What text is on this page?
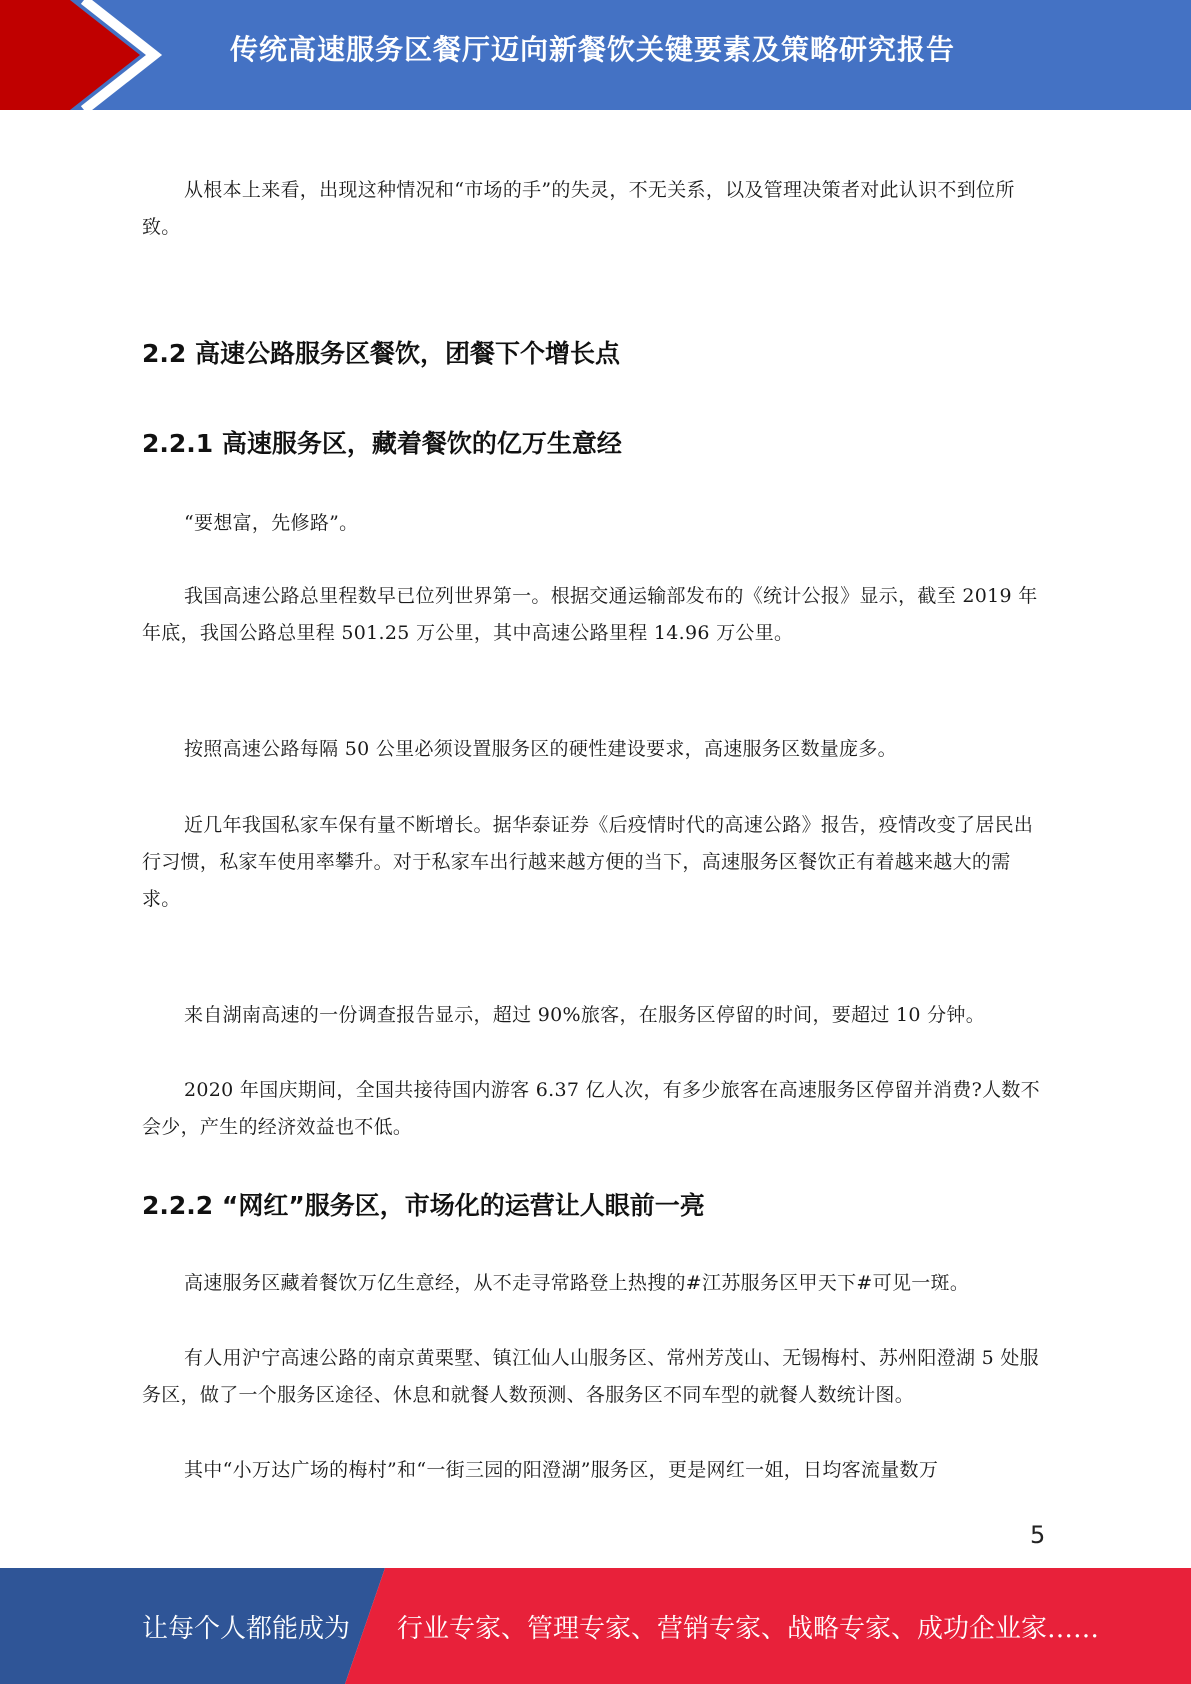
传统高速服务区餐厅迈向新餐饮关键要素及策略研究报告

从根本上来看，出现这种情况和“市场的手”的失灵，不无关系，以及管理决策者对此认识不到位所致。

2.2 高速公路服务区餐饮，团餐下个增长点
2.2.1 高速服务区，藏着餐饮的亿万生意经

“要想富，先修路”。

我国高速公路总里程数早已位列世界第一。根据交通运输部发布的《统计公报》显示，截至 2019 年年底，我国公路总里程 501.25 万公里，其中高速公路里程 14.96 万公里。

按照高速公路每隔 50 公里必须设置服务区的硬性建设要求，高速服务区数量庞多。

近几年我国私家车保有量不断增长。据华泰证券《后疫情时代的高速公路》报告，疫情改变了居民出行习惯，私家车使用率攀升。对于私家车出行越来越方便的当下，高速服务区餐饮正有着越来越大的需求。

来自湖南高速的一份调查报告显示，超过 90%旅客，在服务区停留的时间，要超过 10 分钟。

2020 年国庆期间，全国共接待国内游客 6.37 亿人次，有多少旅客在高速服务区停留并消费?人数不会少，产生的经济效益也不低。

2.2.2 “网红”服务区，市场化的运营让人眼前一亮

高速服务区藏着餐饮万亿生意经，从不走寻常路登上热搜的#江苏服务区甲天下#可见一斑。

有人用沪宁高速公路的南京黄栗墅、镇江仙人山服务区、常州芳茂山、无锡梅村、苏州阳澄湖 5 处服务区，做了一个服务区途径、休息和就餐人数预测、各服务区不同车型的就餐人数统计图。

其中“小万达广场的梅村”和“一街三园的阳澄湖”服务区，更是网红一姐，日均客流量数万

5
让每个人都能成为 行业专家、管理专家、营销专家、战略专家、成功企业家……
